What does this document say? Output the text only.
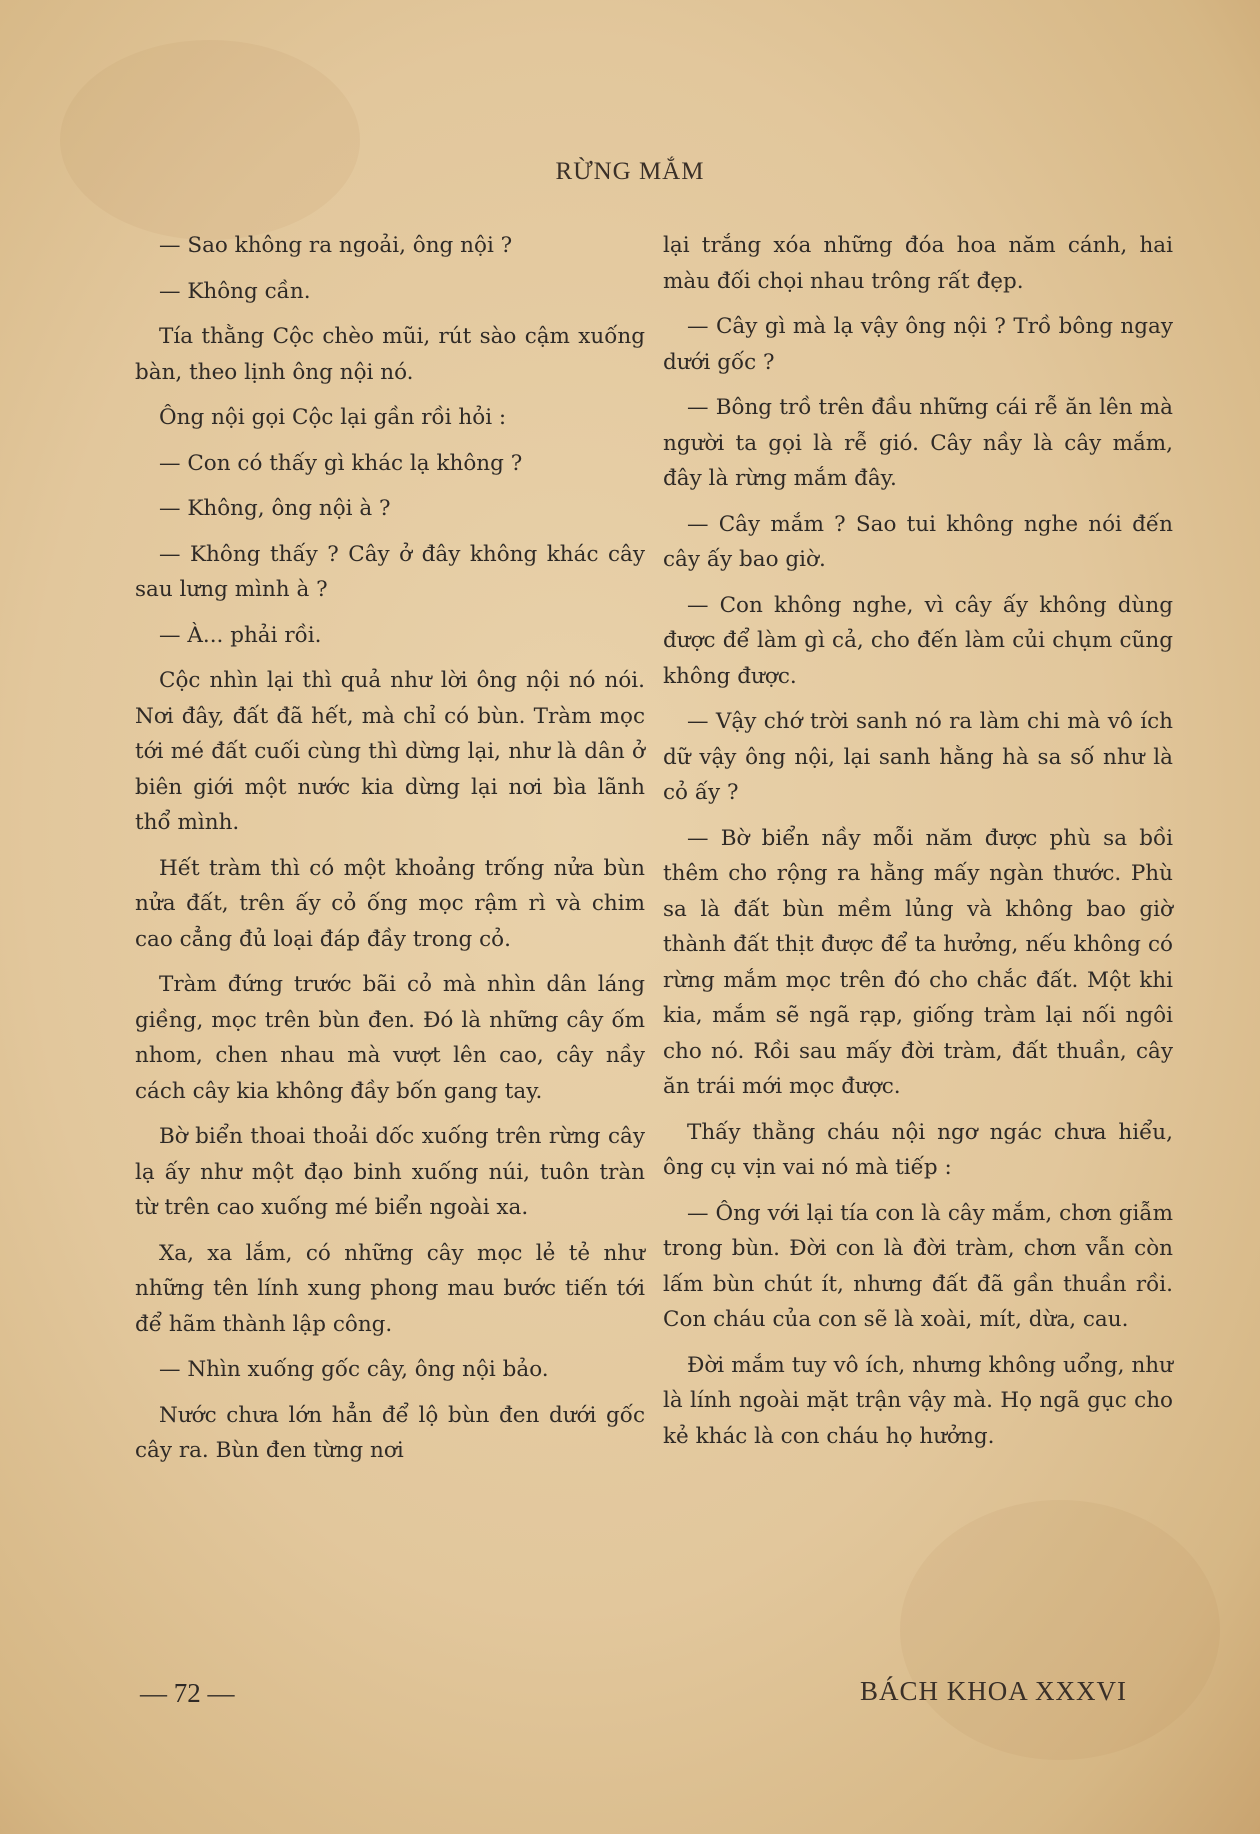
RỪNG MẮM

— Sao không ra ngoải, ông nội ?

— Không cần.

Tía thằng Cộc chèo mũi, rút sào cậm xuống bàn, theo lịnh ông nội nó.

Ông nội gọi Cộc lại gần rồi hỏi :

— Con có thấy gì khác lạ không ?

— Không, ông nội à ?

— Không thấy ? Cây ở đây không khác cây sau lưng mình à ?

— À... phải rồi.

Cộc nhìn lại thì quả như lời ông nội nó nói. Nơi đây, đất đã hết, mà chỉ có bùn. Tràm mọc tới mé đất cuối cùng thì dừng lại, như là dân ở biên giới một nước kia dừng lại nơi bìa lãnh thổ mình.

Hết tràm thì có một khoảng trống nửa bùn nửa đất, trên ấy cỏ ống mọc rậm rì và chim cao cẳng đủ loại đáp đầy trong cỏ.

Tràm đứng trước bãi cỏ mà nhìn dân láng giềng, mọc trên bùn đen. Đó là những cây ốm nhom, chen nhau mà vượt lên cao, cây nầy cách cây kia không đầy bốn gang tay.

Bờ biển thoai thoải dốc xuống trên rừng cây lạ ấy như một đạo binh xuống núi, tuôn tràn từ trên cao xuống mé biển ngoài xa.

Xa, xa lắm, có những cây mọc lẻ tẻ như những tên lính xung phong mau bước tiến tới để hãm thành lập công.

— Nhìn xuống gốc cây, ông nội bảo.

Nước chưa lớn hẳn để lộ bùn đen dưới gốc cây ra. Bùn đen từng nơi

lại trắng xóa những đóa hoa năm cánh, hai màu đối chọi nhau trông rất đẹp.

— Cây gì mà lạ vậy ông nội ? Trồ bông ngay dưới gốc ?

— Bông trồ trên đầu những cái rễ ăn lên mà người ta gọi là rễ gió. Cây nầy là cây mắm, đây là rừng mắm đây.

— Cây mắm ? Sao tui không nghe nói đến cây ấy bao giờ.

— Con không nghe, vì cây ấy không dùng được để làm gì cả, cho đến làm củi chụm cũng không được.

— Vậy chớ trời sanh nó ra làm chi mà vô ích dữ vậy ông nội, lại sanh hằng hà sa số như là cỏ ấy ?

— Bờ biển nầy mỗi năm được phù sa bồi thêm cho rộng ra hằng mấy ngàn thước. Phù sa là đất bùn mềm lủng và không bao giờ thành đất thịt được để ta hưởng, nếu không có rừng mắm mọc trên đó cho chắc đất. Một khi kia, mắm sẽ ngã rạp, giống tràm lại nối ngôi cho nó. Rồi sau mấy đời tràm, đất thuần, cây ăn trái mới mọc được.

Thấy thằng cháu nội ngơ ngác chưa hiểu, ông cụ vịn vai nó mà tiếp :

— Ông với lại tía con là cây mắm, chơn giẫm trong bùn. Đời con là đời tràm, chơn vẫn còn lấm bùn chút ít, nhưng đất đã gần thuần rồi. Con cháu của con sẽ là xoài, mít, dừa, cau.

Đời mắm tuy vô ích, nhưng không uổng, như là lính ngoài mặt trận vậy mà. Họ ngã gục cho kẻ khác là con cháu họ hưởng.

— 72 —	BÁCH KHOA XXXVI
